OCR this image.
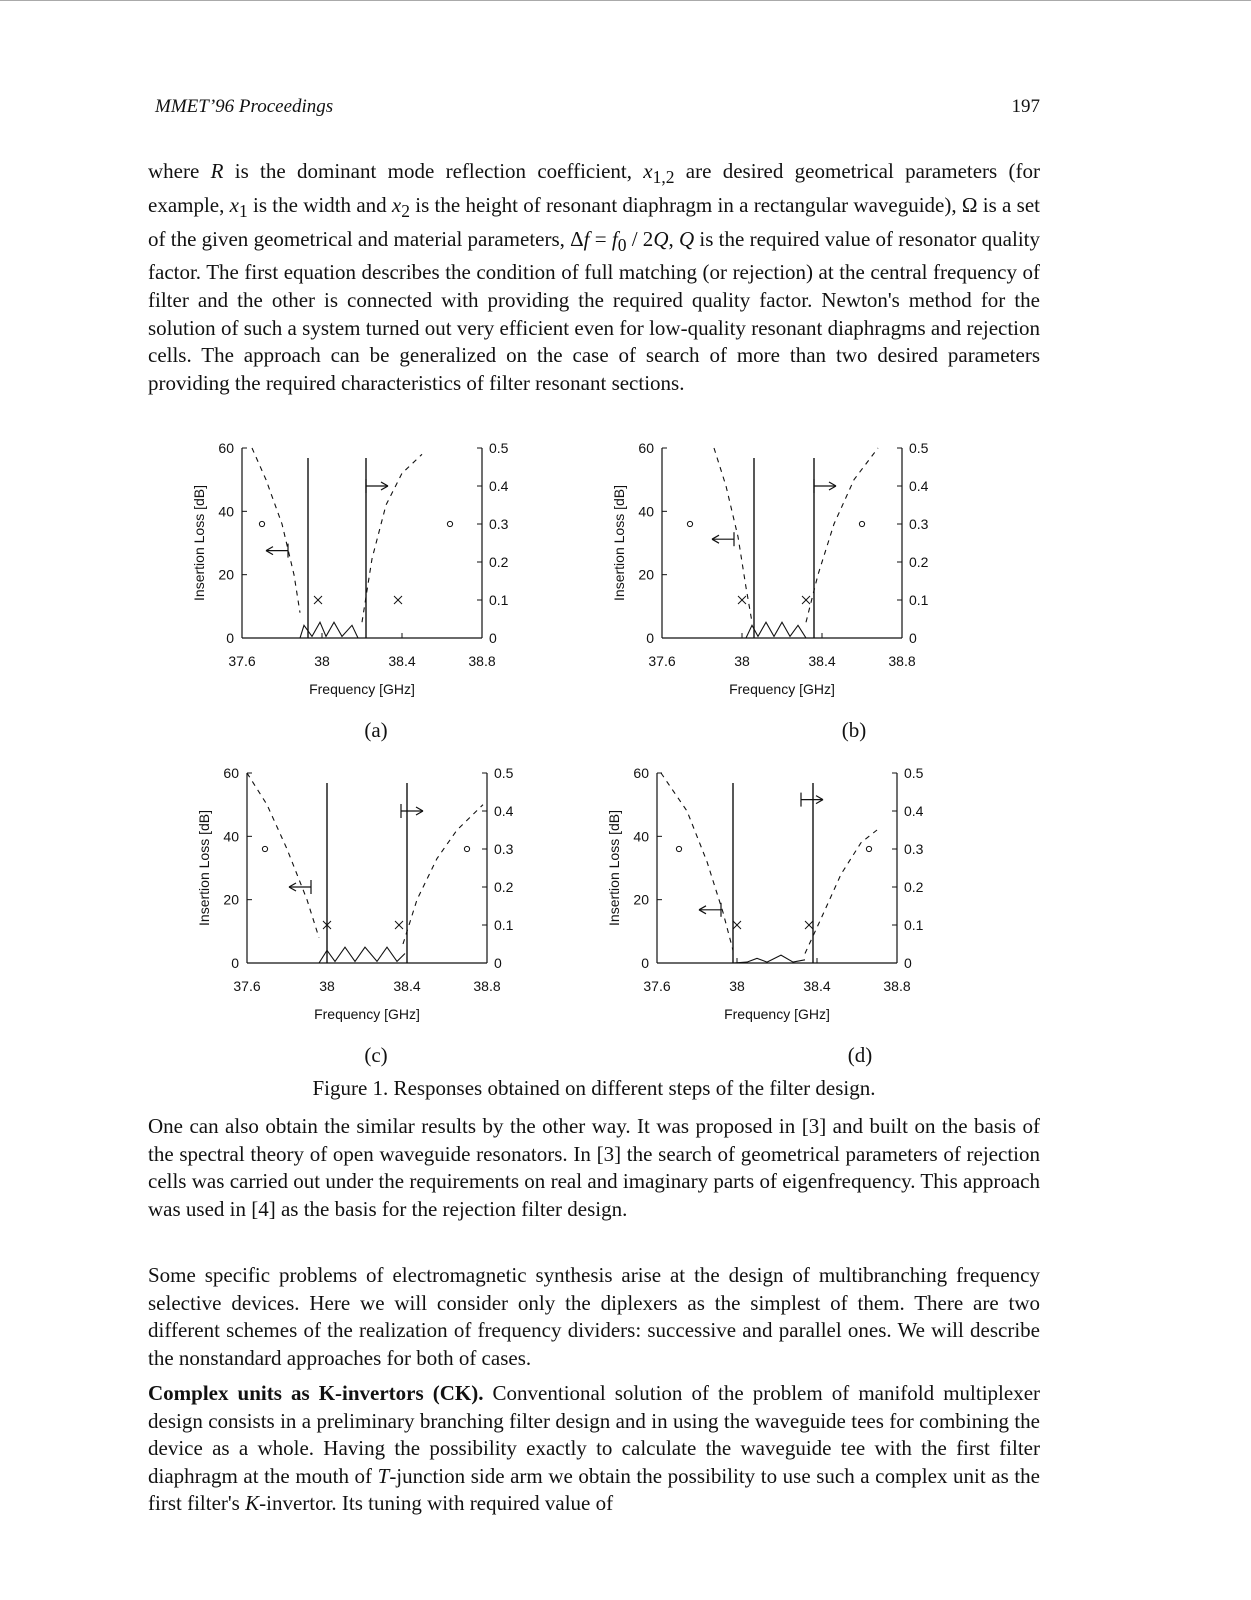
MMET’96 Proceedings	197
where R is the dominant mode reflection coefficient, $x_{1,2}$ are desired geometrical parameters (for example, $x_1$ is the width and $x_2$ is the height of resonant diaphragm in a rectangular waveguide), Ω is a set of the given geometrical and material parameters, $\Delta f = f_0 / 2Q$, Q is the required value of resonator quality factor. The first equation describes the condition of full matching (or rejection) at the central frequency of filter and the other is connected with providing the required quality factor. Newton's method for the solution of such a system turned out very efficient even for low-quality resonant diaphragms and rejection cells. The approach can be generalized on the case of search of more than two desired parameters providing the required characteristics of filter resonant sections.
0
20
40
60
0
0.1
0.2
0.3
0.4
0.5
37.6	38	38.4	38.8
Frequency [GHz]
Insertion Loss [dB]
0
20
40
60
0
0.1
0.2
0.3
0.4
0.5
37.6	38	38.4	38.8
Frequency [GHz]
Insertion Loss [dB]
0
20
40
60
0
0.1
0.2
0.3
0.4
0.5
37.6	38	38.4	38.8
Frequency [GHz]
Insertion Loss [dB]
0
20
40
60
0
0.1
0.2
0.3
0.4
0.5
37.6	38	38.4	38.8
Frequency [GHz]
Insertion Loss [dB]
(a)	(b)
(c)	(d)
Figure 1. Responses obtained on different steps of the filter design.
One can also obtain the similar results by the other way. It was proposed in [3] and built on the basis of the spectral theory of open waveguide resonators. In [3] the search of geometrical parameters of rejection cells was carried out under the requirements on real and imaginary parts of eigenfrequency. This approach was used in [4] as the basis for the rejection filter design.
Some specific problems of electromagnetic synthesis arise at the design of multibranching frequency selective devices. Here we will consider only the diplexers as the simplest of them. There are two different schemes of the realization of frequency dividers: successive and parallel ones. We will describe the nonstandard approaches for both of cases.
Complex units as K-invertors (CK). Conventional solution of the problem of manifold multiplexer design consists in a preliminary branching filter design and in using the waveguide tees for combining the device as a whole. Having the possibility exactly to calculate the waveguide tee with the first filter diaphragm at the mouth of T-junction side arm we obtain the possibility to use such a complex unit as the first filter's K-invertor. Its tuning with required value of
